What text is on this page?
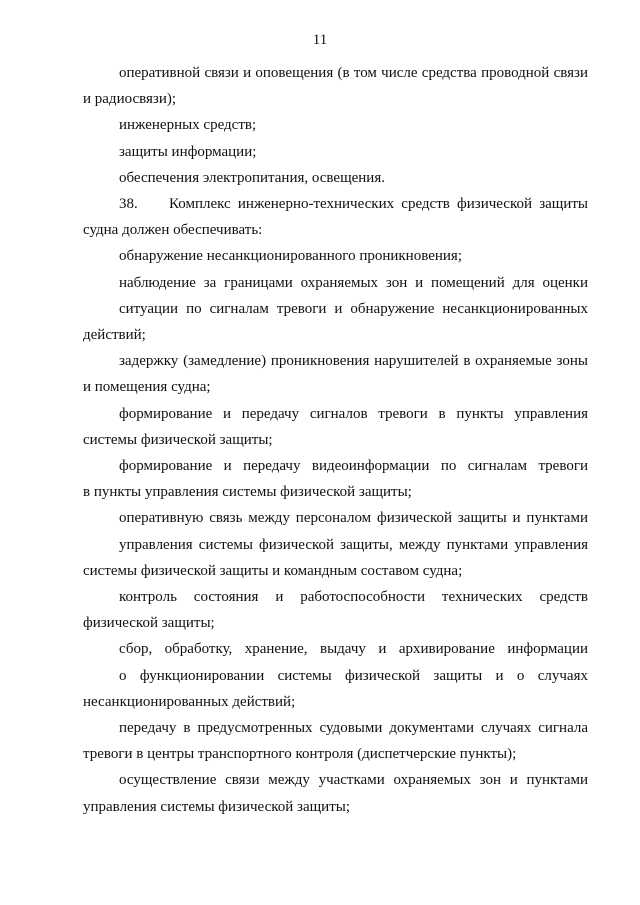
11

оперативной связи и оповещения (в том числе средства проводной связи
и радиосвязи);

инженерных средств;

защиты информации;

обеспечения электропитания, освещения.

38. Комплекс инженерно-технических средств физической защиты
судна должен обеспечивать:

обнаружение несанкционированного проникновения;

наблюдение за границами охраняемых зон и помещений для оценки
ситуации по сигналам тревоги и обнаружение несанкционированных
действий;

задержку (замедление) проникновения нарушителей в охраняемые зоны
и помещения судна;

формирование и передачу сигналов тревоги в пункты управления
системы физической защиты;

формирование и передачу видеоинформации по сигналам тревоги
в пункты управления системы физической защиты;

оперативную связь между персоналом физической защиты и пунктами
управления системы физической защиты, между пунктами управления
системы физической защиты и командным составом судна;

контроль состояния и работоспособности технических средств
физической защиты;

сбор, обработку, хранение, выдачу и архивирование информации
о функционировании системы физической защиты и о случаях
несанкционированных действий;

передачу в предусмотренных судовыми документами случаях сигнала
тревоги в центры транспортного контроля (диспетчерские пункты);

осуществление связи между участками охраняемых зон и пунктами
управления системы физической защиты;
